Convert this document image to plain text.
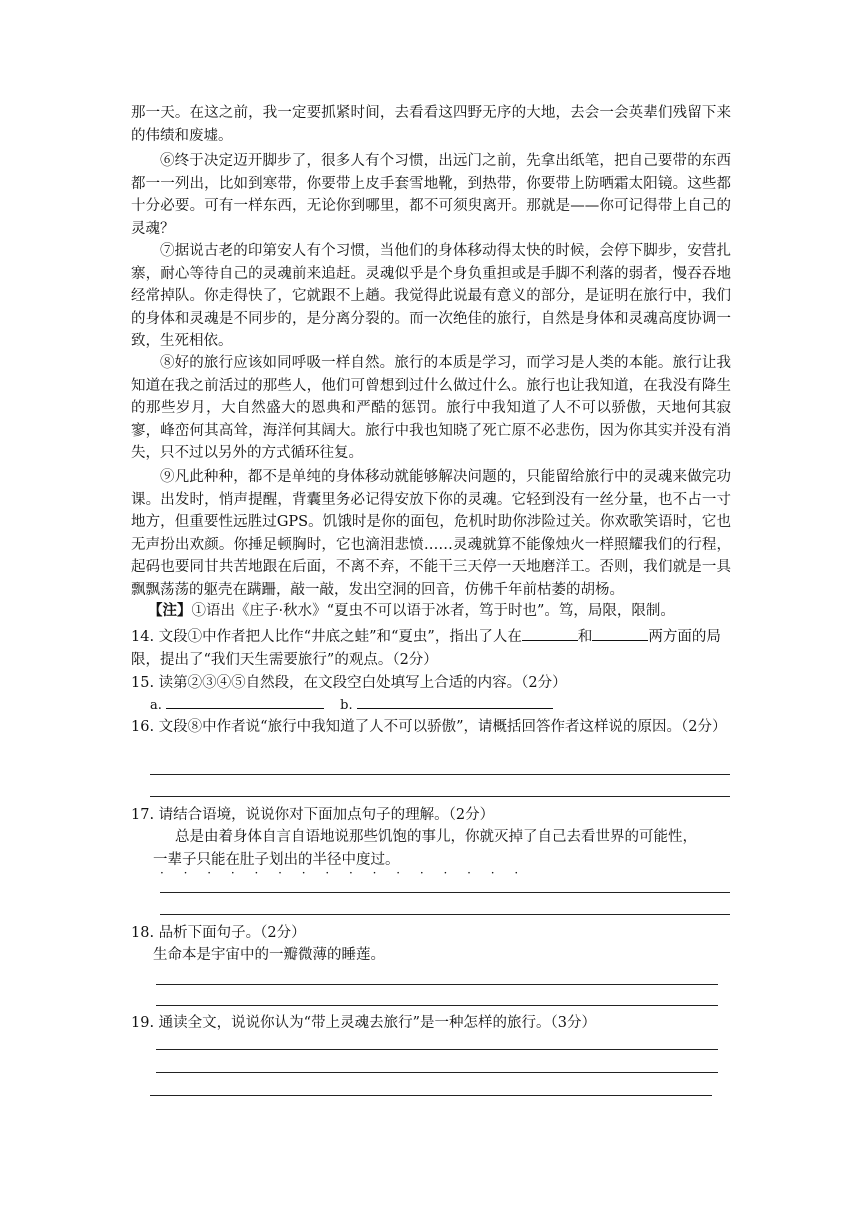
那一天。在这之前，我一定要抓紧时间，去看看这四野无序的大地，去会一会英辈们残留下来的伟绩和废墟。

⑥终于决定迈开脚步了，很多人有个习惯，出远门之前，先拿出纸笔，把自己要带的东西都一一列出，比如到寒带，你要带上皮手套雪地靴，到热带，你要带上防晒霜太阳镜。这些都十分必要。可有一样东西，无论你到哪里，都不可须臾离开。那就是——你可记得带上自己的灵魂？

⑦据说古老的印第安人有个习惯，当他们的身体移动得太快的时候，会停下脚步，安营扎寨，耐心等待自己的灵魂前来追赶。灵魂似乎是个身负重担或是手脚不利落的弱者，慢吞吞地经常掉队。你走得快了，它就跟不上趟。我觉得此说最有意义的部分，是证明在旅行中，我们的身体和灵魂是不同步的，是分离分裂的。而一次绝佳的旅行，自然是身体和灵魂高度协调一致，生死相依。

⑧好的旅行应该如同呼吸一样自然。旅行的本质是学习，而学习是人类的本能。旅行让我知道在我之前活过的那些人，他们可曾想到过什么做过什么。旅行也让我知道，在我没有降生的那些岁月，大自然盛大的恩典和严酷的惩罚。旅行中我知道了人不可以骄傲，天地何其寂寥，峰峦何其高耸，海洋何其阔大。旅行中我也知晓了死亡原不必悲伤，因为你其实并没有消失，只不过以另外的方式循环往复。

⑨凡此种种，都不是单纯的身体移动就能够解决问题的，只能留给旅行中的灵魂来做完功课。出发时，悄声提醒，背囊里务必记得安放下你的灵魂。它轻到没有一丝分量，也不占一寸地方，但重要性远胜过GPS。饥饿时是你的面包，危机时助你涉险过关。你欢歌笑语时，它也无声扮出欢颜。你捶足顿胸时，它也滴泪悲愤……灵魂就算不能像烛火一样照耀我们的行程，起码也要同甘共苦地跟在后面，不离不弃，不能干三天停一天地磨洋工。否则，我们就是一具飘飘荡荡的躯壳在蹒跚，敲一敲，发出空洞的回音，仿佛千年前枯萎的胡杨。

【注】①语出《庄子·秋水》“夏虫不可以语于冰者，笃于时也”。笃，局限，限制。

14. 文段①中作者把人比作“井底之蛙”和“夏虫”，指出了人在	和	两方面的局限，提出了“我们天生需要旅行”的观点。（2分）
15. 读第②③④⑤自然段，在文段空白处填写上合适的内容。（2分）
a.	b.
16. 文段⑧中作者说“旅行中我知道了人不可以骄傲”，请概括回答作者这样说的原因。（2分）
17. 请结合语境，说说你对下面加点句子的理解。（2分）
总是由着身体自言自语地说那些饥饱的事儿，你就灭掉了自己去看世界的可能性，
一辈子只能在肚子划出的半径中度过。
· · · · · · · · · · · · · · · ·
18. 品析下面句子。（2分）
生命本是宇宙中的一瓣微薄的睡莲。
19. 通读全文，说说你认为“带上灵魂去旅行”是一种怎样的旅行。（3分）
